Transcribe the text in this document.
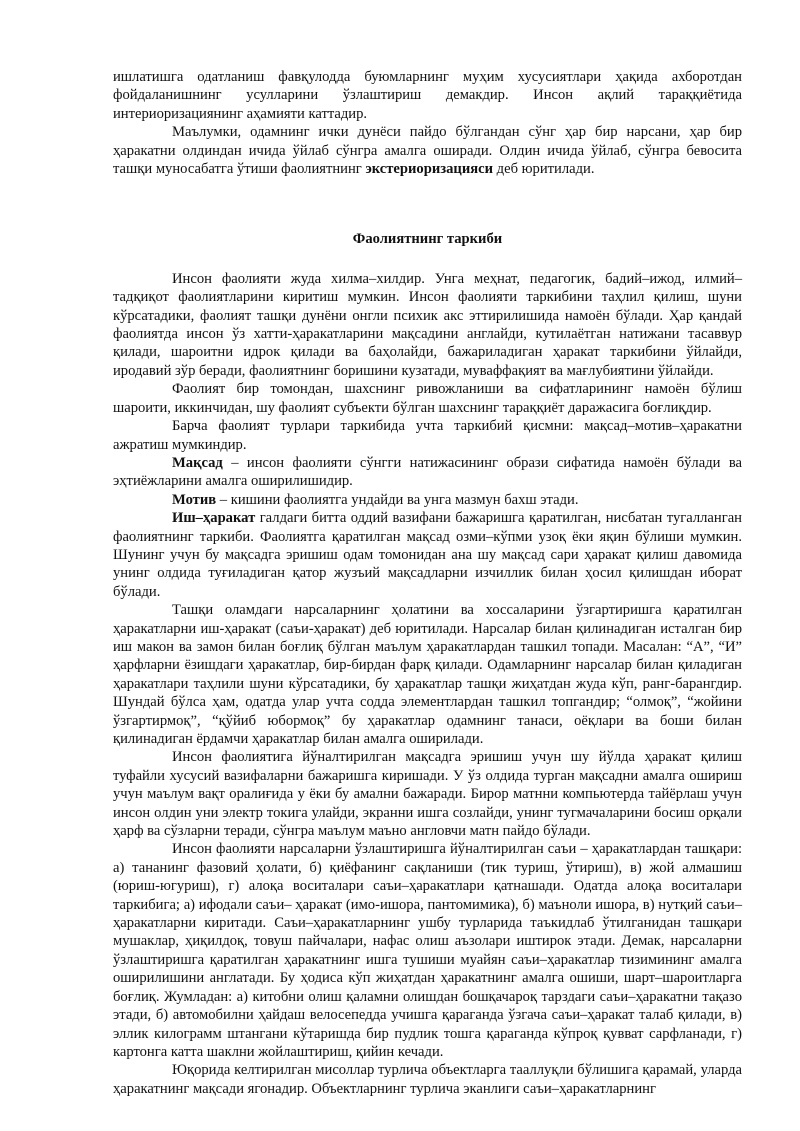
ишлатишга одатланиш фавқулодда буюмларнинг муҳим хусусиятлари ҳақида ахборотдан фойдаланишнинг усулларини ўзлаштириш демакдир. Инсон ақлий тараққиётида интериоризациянинг аҳамияти каттадир.

Маълумки, одамнинг ички дунёси пайдо бўлгандан сўнг ҳар бир нарсани, ҳар бир ҳаракатни олдиндан ичида ўйлаб сўнгра амалга оширади. Олдин ичида ўйлаб, сўнгра бевосита ташқи муносабатга ўтиши фаолиятнинг экстериоризацияси деб юритилади.

Фаолиятнинг таркиби

Инсон фаолияти жуда хилма–хилдир. Унга меҳнат, педагогик, бадий–ижод, илмий–тадқиқот фаолиятларини киритиш мумкин. Инсон фаолияти таркибини таҳлил қилиш, шуни кўрсатадики, фаолият ташқи дунёни онгли психик акс эттирилишида намоён бўлади. Ҳар қандай фаолиятда инсон ўз хатти-ҳаракатларини мақсадини англайди, кутилаётган натижани тасаввур қилади, шароитни идрок қилади ва баҳолайди, бажариладиган ҳаракат таркибини ўйлайди, иродавий зўр беради, фаолиятнинг боришини кузатади, муваффақият ва мағлубиятини ўйлайди.

Фаолият бир томондан, шахснинг ривожланиши ва сифатларининг намоён бўлиш шароити, иккинчидан, шу фаолият субъекти бўлган шахснинг тараққиёт даражасига боғлиқдир.

Барча фаолият турлари таркибида учта таркибий қисмни: мақсад–мотив–ҳаракатни ажратиш мумкиндир.

Мақсад – инсон фаолияти сўнгги натижасининг образи сифатида намоён бўлади ва эҳтиёжларини амалга оширилишидир.

Мотив – кишини фаолиятга ундайди ва унга мазмун бахш этади.

Иш–ҳаракат галдаги битта оддий вазифани бажаришга қаратилган, нисбатан тугалланган фаолиятнинг таркиби. Фаолиятга қаратилган мақсад озми–кўпми узоқ ёки яқин бўлиши мумкин. Шунинг учун бу мақсадга эришиш одам томонидан ана шу мақсад сари ҳаракат қилиш давомида унинг олдида туғиладиган қатор жузъий мақсадларни изчиллик билан ҳосил қилишдан иборат бўлади.

Ташқи оламдаги нарсаларнинг ҳолатини ва хоссаларини ўзгартиришга қаратилган ҳаракатларни иш-ҳаракат (саъи-ҳаракат) деб юритилади. Нарсалар билан қилинадиган исталган бир иш макон ва замон билан боғлиқ бўлган маълум ҳаракатлардан ташкил топади. Масалан: “А”, “И” ҳарфларни ёзишдаги ҳаракатлар, бир-бирдан фарқ қилади. Одамларнинг нарсалар билан қиладиган ҳаракатлари таҳлили шуни кўрсатадики, бу ҳаракатлар ташқи жиҳатдан жуда кўп, ранг-барангдир. Шундай бўлса ҳам, одатда улар учта содда элементлардан ташкил топгандир; “олмоқ”, “жойини ўзгартирмоқ”, “қўйиб юбормоқ” бу ҳаракатлар одамнинг танаси, оёқлари ва боши билан қилинадиган ёрдамчи ҳаракатлар билан амалга оширилади.

Инсон фаолиятига йўналтирилган мақсадга эришиш учун шу йўлда ҳаракат қилиш туфайли хусусий вазифаларни бажаришга киришади. У ўз олдида турган мақсадни амалга ошириш учун маълум вақт оралиғида у ёки бу амални бажаради. Бирор матнни компьютерда тайёрлаш учун инсон олдин уни электр токига улайди, экранни ишга созлайди, унинг тугмачаларини босиш орқали ҳарф ва сўзларни теради, сўнгра маълум маъно англовчи матн пайдо бўлади.

Инсон фаолияти нарсаларни ўзлаштиришга йўналтирилган саъи – ҳаракатлардан ташқари: а) тананинг фазовий ҳолати, б) қиёфанинг сақланиши (тик туриш, ўтириш), в) жой алмашиш (юриш-югуриш), г) алоқа воситалари саъи–ҳаракатлари қатнашади. Одатда алоқа воситалари таркибига; а) ифодали саъи– ҳаракат (имо-ишора, пантомимика), б) маъноли ишора, в) нутқий саъи– ҳаракатларни киритади. Саъи–ҳаракатларнинг ушбу турларида таъкидлаб ўтилганидан ташқари мушаклар, ҳиқилдоқ, товуш пайчалари, нафас олиш аъзолари иштирок этади. Демак, нарсаларни ўзлаштиришга қаратилган ҳаракатнинг ишга тушиши муайян саъи–ҳаракатлар тизимининг амалга оширилишини англатади. Бу ҳодиса кўп жиҳатдан ҳаракатнинг амалга ошиши, шарт–шароитларга боғлиқ. Жумладан: а) китобни олиш қаламни олишдан бошқачароқ тарздаги саъи–ҳаракатни тақазо этади, б) автомобилни ҳайдаш велосепедда учишга қараганда ўзгача саъи–ҳаракат талаб қилади, в) эллик килограмм штангани кўтаришда бир пудлик тошга қараганда кўпроқ қувват сарфланади, г) картонга катта шаклни жойлаштириш, қийин кечади.

Юқорида келтирилган мисоллар турлича объектларга тааллуқли бўлишига қарамай, уларда ҳаракатнинг мақсади ягонадир. Объектларнинг турлича эканлиги саъи–ҳаракатларнинг
